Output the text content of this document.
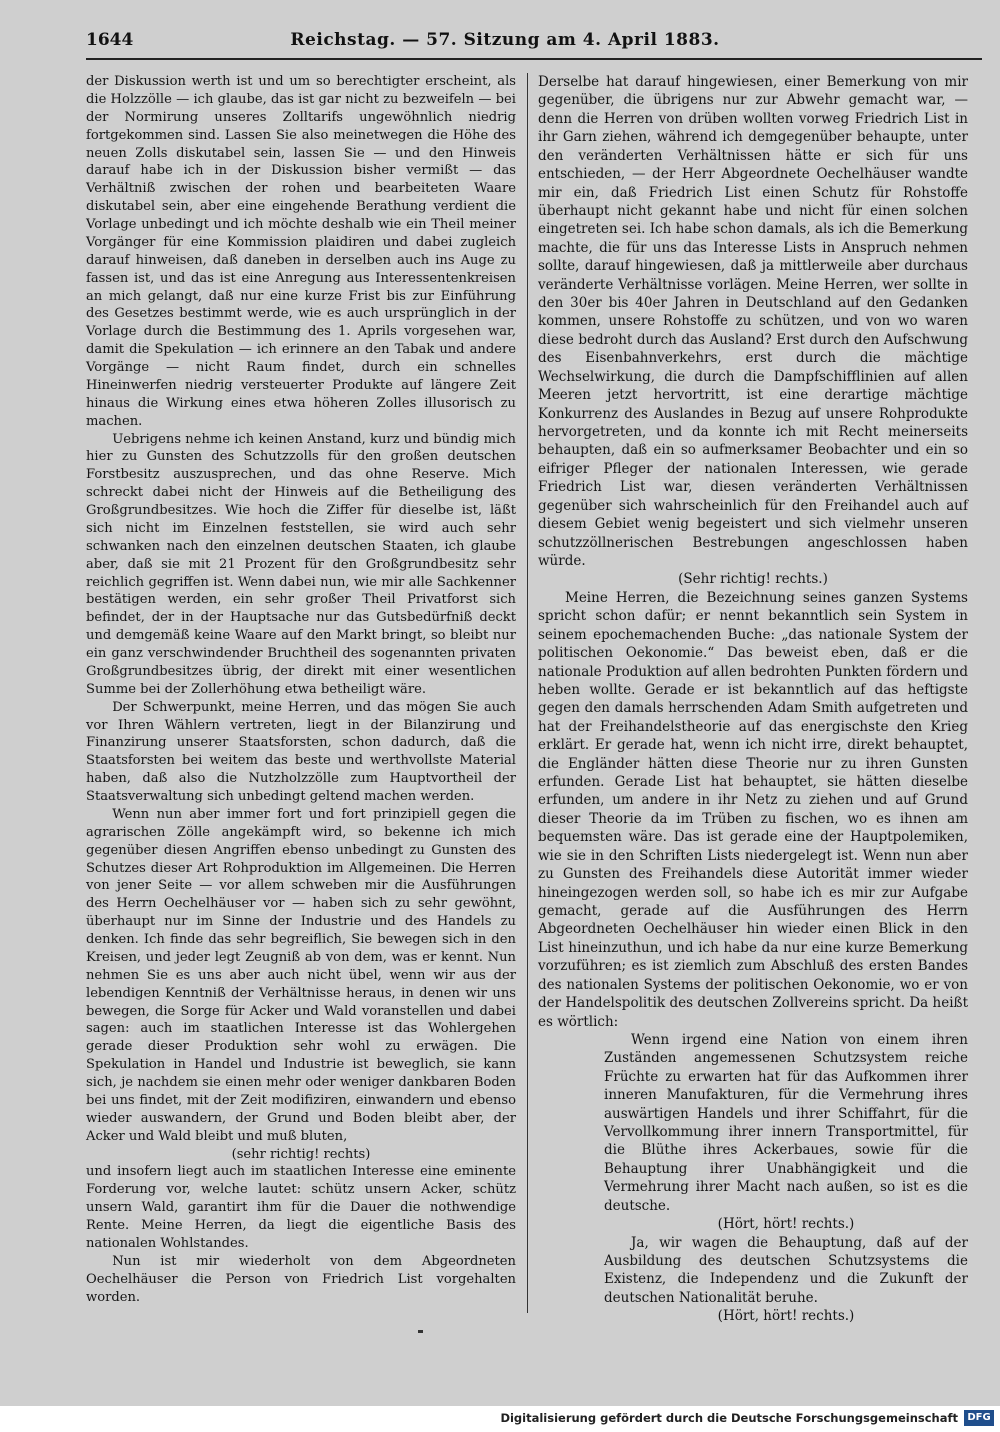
1644	Reichstag. — 57. Sitzung am 4. April 1883.

der Diskussion werth ist und um so berechtigter erscheint, als die Holzzölle — ich glaube, das ist gar nicht zu bezweifeln — bei der Normirung unseres Zolltarifs ungewöhnlich niedrig fortgekommen sind. Lassen Sie also meinetwegen die Höhe des neuen Zolls diskutabel sein, lassen Sie — und den Hinweis darauf habe ich in der Diskussion bisher vermißt — das Verhältniß zwischen der rohen und bearbeiteten Waare diskutabel sein, aber eine eingehende Berathung verdient die Vorlage unbedingt und ich möchte deshalb wie ein Theil meiner Vorgänger für eine Kommission plaidiren und dabei zugleich darauf hinweisen, daß daneben in derselben auch ins Auge zu fassen ist, und das ist eine Anregung aus Interessentenkreisen an mich gelangt, daß nur eine kurze Frist bis zur Einführung des Gesetzes bestimmt werde, wie es auch ursprünglich in der Vorlage durch die Bestimmung des 1. Aprils vorgesehen war, damit die Spekulation — ich erinnere an den Tabak und andere Vorgänge — nicht Raum findet, durch ein schnelles Hineinwerfen niedrig versteuerter Produkte auf längere Zeit hinaus die Wirkung eines etwa höheren Zolles illusorisch zu machen.

Uebrigens nehme ich keinen Anstand, kurz und bündig mich hier zu Gunsten des Schutzzolls für den großen deutschen Forstbesitz auszusprechen, und das ohne Reserve. Mich schreckt dabei nicht der Hinweis auf die Betheiligung des Großgrundbesitzes. Wie hoch die Ziffer für dieselbe ist, läßt sich nicht im Einzelnen feststellen, sie wird auch sehr schwanken nach den einzelnen deutschen Staaten, ich glaube aber, daß sie mit 21 Prozent für den Großgrundbesitz sehr reichlich gegriffen ist. Wenn dabei nun, wie mir alle Sachkenner bestätigen werden, ein sehr großer Theil Privatforst sich befindet, der in der Hauptsache nur das Gutsbedürfniß deckt und demgemäß keine Waare auf den Markt bringt, so bleibt nur ein ganz verschwindender Bruchtheil des sogenannten privaten Großgrundbesitzes übrig, der direkt mit einer wesentlichen Summe bei der Zollerhöhung etwa betheiligt wäre.

Der Schwerpunkt, meine Herren, und das mögen Sie auch vor Ihren Wählern vertreten, liegt in der Bilanzirung und Finanzirung unserer Staatsforsten, schon dadurch, daß die Staatsforsten bei weitem das beste und werthvollste Material haben, daß also die Nutzholzzölle zum Hauptvortheil der Staatsverwaltung sich unbedingt geltend machen werden.

Wenn nun aber immer fort und fort prinzipiell gegen die agrarischen Zölle angekämpft wird, so bekenne ich mich gegenüber diesen Angriffen ebenso unbedingt zu Gunsten des Schutzes dieser Art Rohproduktion im Allgemeinen. Die Herren von jener Seite — vor allem schweben mir die Ausführungen des Herrn Oechelhäuser vor — haben sich zu sehr gewöhnt, überhaupt nur im Sinne der Industrie und des Handels zu denken. Ich finde das sehr begreiflich, Sie bewegen sich in den Kreisen, und jeder legt Zeugniß ab von dem, was er kennt. Nun nehmen Sie es uns aber auch nicht übel, wenn wir aus der lebendigen Kenntniß der Verhältnisse heraus, in denen wir uns bewegen, die Sorge für Acker und Wald voranstellen und dabei sagen: auch im staatlichen Interesse ist das Wohlergehen gerade dieser Produktion sehr wohl zu erwägen. Die Spekulation in Handel und Industrie ist beweglich, sie kann sich, je nachdem sie einen mehr oder weniger dankbaren Boden bei uns findet, mit der Zeit modifiziren, einwandern und ebenso wieder auswandern, der Grund und Boden bleibt aber, der Acker und Wald bleibt und muß bluten,

(sehr richtig! rechts)

und insofern liegt auch im staatlichen Interesse eine eminente Forderung vor, welche lautet: schütz unsern Acker, schütz unsern Wald, garantirt ihm für die Dauer die nothwendige Rente. Meine Herren, da liegt die eigentliche Basis des nationalen Wohlstandes.

Nun ist mir wiederholt von dem Abgeordneten Oechelhäuser die Person von Friedrich List vorgehalten worden.

Derselbe hat darauf hingewiesen, einer Bemerkung von mir gegenüber, die übrigens nur zur Abwehr gemacht war, — denn die Herren von drüben wollten vorweg Friedrich List in ihr Garn ziehen, während ich demgegenüber behaupte, unter den veränderten Verhältnissen hätte er sich für uns entschieden, — der Herr Abgeordnete Oechelhäuser wandte mir ein, daß Friedrich List einen Schutz für Rohstoffe überhaupt nicht gekannt habe und nicht für einen solchen eingetreten sei. Ich habe schon damals, als ich die Bemerkung machte, die für uns das Interesse Lists in Anspruch nehmen sollte, darauf hingewiesen, daß ja mittlerweile aber durchaus veränderte Verhältnisse vorlägen. Meine Herren, wer sollte in den 30er bis 40er Jahren in Deutschland auf den Gedanken kommen, unsere Rohstoffe zu schützen, und von wo waren diese bedroht durch das Ausland? Erst durch den Aufschwung des Eisenbahnverkehrs, erst durch die mächtige Wechselwirkung, die durch die Dampfschifflinien auf allen Meeren jetzt hervortritt, ist eine derartige mächtige Konkurrenz des Auslandes in Bezug auf unsere Rohprodukte hervorgetreten, und da konnte ich mit Recht meinerseits behaupten, daß ein so aufmerksamer Beobachter und ein so eifriger Pfleger der nationalen Interessen, wie gerade Friedrich List war, diesen veränderten Verhältnissen gegenüber sich wahrscheinlich für den Freihandel auch auf diesem Gebiet wenig begeistert und sich vielmehr unseren schutzzöllnerischen Bestrebungen angeschlossen haben würde.

(Sehr richtig! rechts.)

Meine Herren, die Bezeichnung seines ganzen Systems spricht schon dafür; er nennt bekanntlich sein System in seinem epochemachenden Buche: „das nationale System der politischen Oekonomie.“ Das beweist eben, daß er die nationale Produktion auf allen bedrohten Punkten fördern und heben wollte. Gerade er ist bekanntlich auf das heftigste gegen den damals herrschenden Adam Smith aufgetreten und hat der Freihandelstheorie auf das energischste den Krieg erklärt. Er gerade hat, wenn ich nicht irre, direkt behauptet, die Engländer hätten diese Theorie nur zu ihren Gunsten erfunden. Gerade List hat behauptet, sie hätten dieselbe erfunden, um andere in ihr Netz zu ziehen und auf Grund dieser Theorie da im Trüben zu fischen, wo es ihnen am bequemsten wäre. Das ist gerade eine der Hauptpolemiken, wie sie in den Schriften Lists niedergelegt ist. Wenn nun aber zu Gunsten des Freihandels diese Autorität immer wieder hineingezogen werden soll, so habe ich es mir zur Aufgabe gemacht, gerade auf die Ausführungen des Herrn Abgeordneten Oechelhäuser hin wieder einen Blick in den List hineinzuthun, und ich habe da nur eine kurze Bemerkung vorzuführen; es ist ziemlich zum Abschluß des ersten Bandes des nationalen Systems der politischen Oekonomie, wo er von der Handelspolitik des deutschen Zollvereins spricht. Da heißt es wörtlich:

Wenn irgend eine Nation von einem ihren Zuständen angemessenen Schutzsystem reiche Früchte zu erwarten hat für das Aufkommen ihrer inneren Manufakturen, für die Vermehrung ihres auswärtigen Handels und ihrer Schiffahrt, für die Vervollkommung ihrer innern Transportmittel, für die Blüthe ihres Ackerbaues, sowie für die Behauptung ihrer Unabhängigkeit und die Vermehrung ihrer Macht nach außen, so ist es die deutsche.

(Hört, hört! rechts.)

Ja, wir wagen die Behauptung, daß auf der Ausbildung des deutschen Schutzsystems die Existenz, die Independenz und die Zukunft der deutschen Nationalität beruhe.

(Hört, hört! rechts.)

Digitalisierung gefördert durch die Deutsche Forschungsgemeinschaft DFG
